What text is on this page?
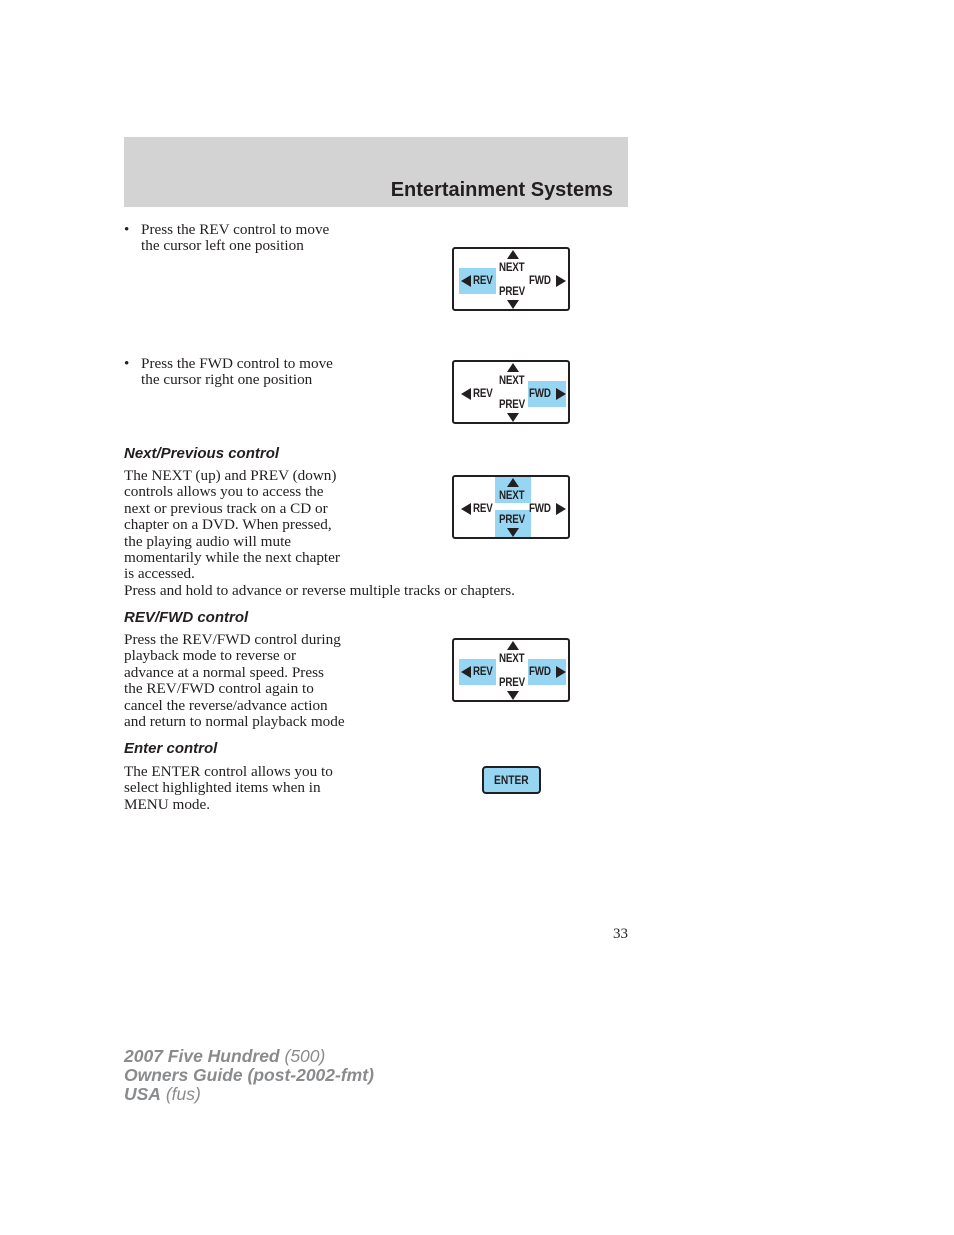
Entertainment Systems
• Press the REV control to move
the cursor left one position
• Press the FWD control to move
the cursor right one position
Next/Previous control
The NEXT (up) and PREV (down)
controls allows you to access the
next or previous track on a CD or
chapter on a DVD. When pressed,
the playing audio will mute
momentarily while the next chapter
is accessed.
Press and hold to advance or reverse multiple tracks or chapters.
REV/FWD control
Press the REV/FWD control during
playback mode to reverse or
advance at a normal speed. Press
the REV/FWD control again to
cancel the reverse/advance action
and return to normal playback mode
Enter control
The ENTER control allows you to
select highlighted items when in
MENU mode.
NEXT
PREV
REV	FWD
NEXT
PREV
REV	FWD
NEXT
PREV
REV	FWD
NEXT
PREV
REV	FWD
ENTER
33
2007 Five Hundred (500)
Owners Guide (post-2002-fmt)
USA (fus)
